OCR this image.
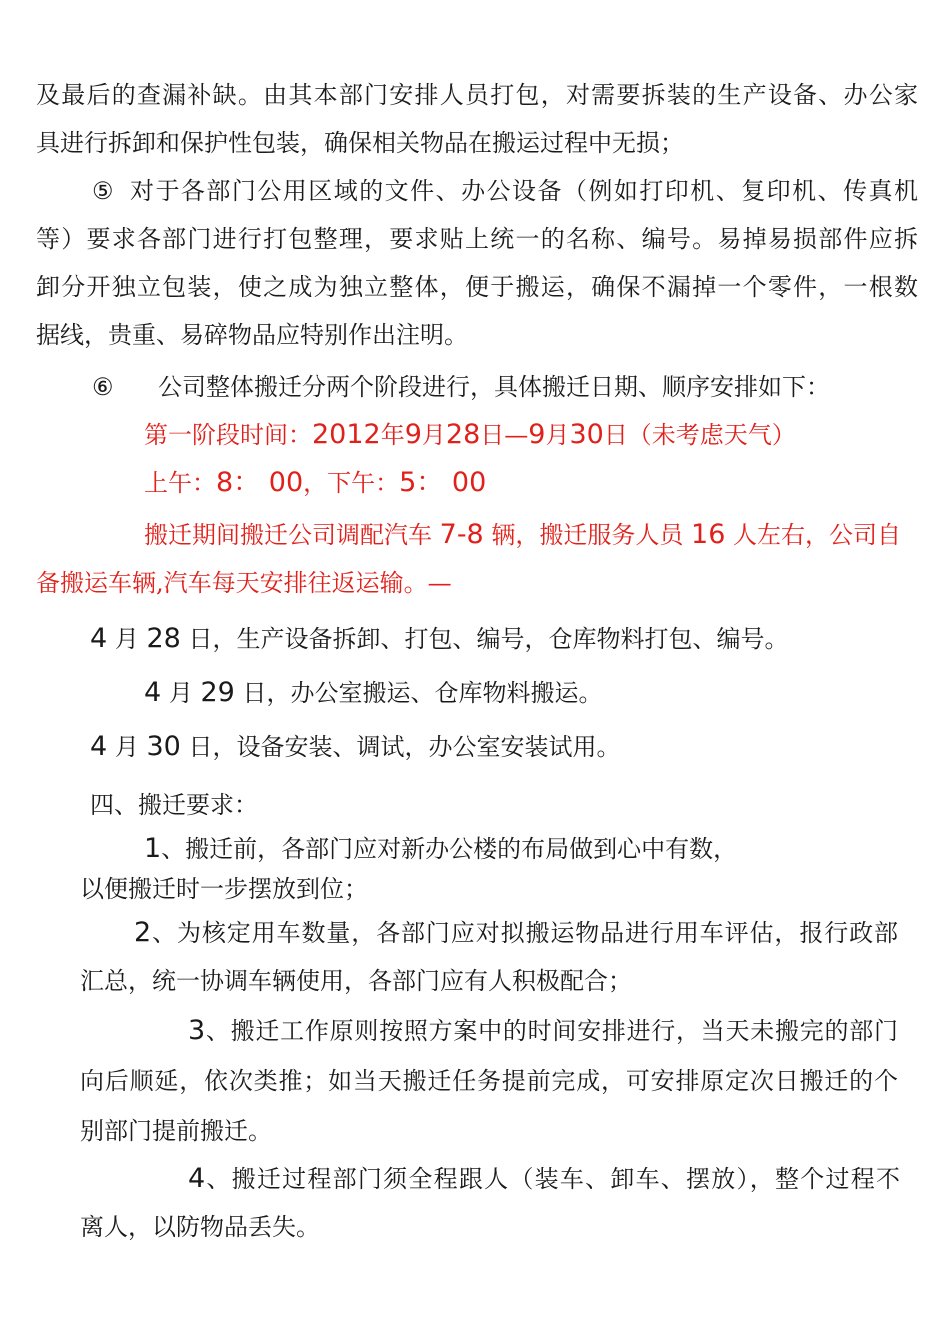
及最后的查漏补缺。由其本部门安排人员打包，对需要拆装的生产设备、办公家
具进行拆卸和保护性包装，确保相关物品在搬运过程中无损；
⑤ 对于各部门公用区域的文件、办公设备（例如打印机、复印机、传真机
等）要求各部门进行打包整理，要求贴上统一的名称、编号。易掉易损部件应拆
卸分开独立包装，使之成为独立整体，便于搬运，确保不漏掉一个零件，一根数
据线，贵重、易碎物品应特别作出注明。
⑥ 公司整体搬迁分两个阶段进行，具体搬迁日期、顺序安排如下：
第一阶段时间：2012年9月28日—9月30日（未考虑天气）
上午：8： 00，下午：5： 00
搬迁期间搬迁公司调配汽车 7-8 辆，搬迁服务人员 16 人左右，公司自
备搬运车辆,汽车每天安排往返运输。—
4 月 28 日，生产设备拆卸、打包、编号，仓库物料打包、编号。
4 月 29 日，办公室搬运、仓库物料搬运。
4 月 30 日，设备安装、调试，办公室安装试用。
四、搬迁要求：
1、搬迁前，各部门应对新办公楼的布局做到心中有数，
以便搬迁时一步摆放到位；
2、为核定用车数量，各部门应对拟搬运物品进行用车评估，报行政部
汇总，统一协调车辆使用，各部门应有人积极配合；
3、搬迁工作原则按照方案中的时间安排进行，当天未搬完的部门
向后顺延，依次类推；如当天搬迁任务提前完成，可安排原定次日搬迁的个
别部门提前搬迁。
4、搬迁过程部门须全程跟人（装车、卸车、摆放），整个过程不
离人，以防物品丢失。
